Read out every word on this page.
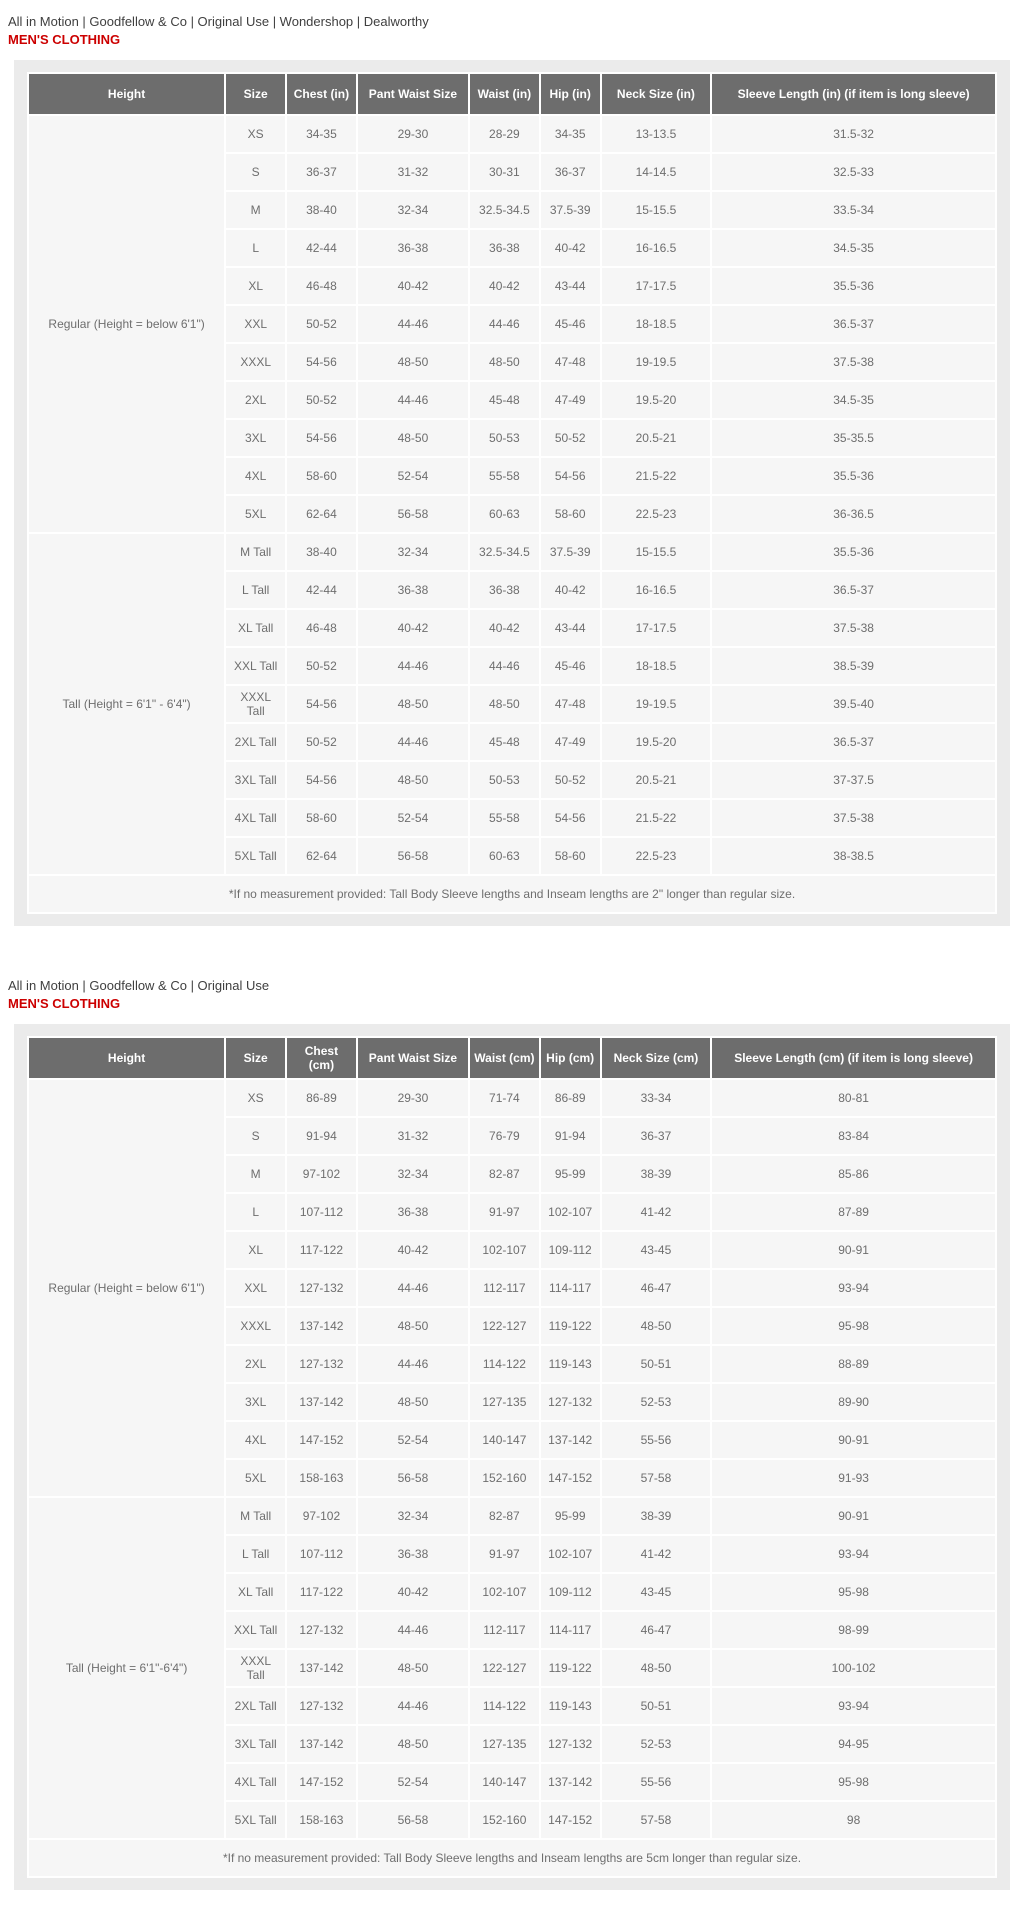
All in Motion | Goodfellow & Co | Original Use | Wondershop | Dealworthy
MEN'S CLOTHING
Height	Size	Chest (in)	Pant Waist Size	Waist (in)	Hip (in)	Neck Size (in)	Sleeve Length (in) (if item is long sleeve)
Regular (Height = below 6'1")	XS	34-35	29-30	28-29	34-35	13-13.5	31.5-32
	S	36-37	31-32	30-31	36-37	14-14.5	32.5-33
	M	38-40	32-34	32.5-34.5	37.5-39	15-15.5	33.5-34
	L	42-44	36-38	36-38	40-42	16-16.5	34.5-35
	XL	46-48	40-42	40-42	43-44	17-17.5	35.5-36
	XXL	50-52	44-46	44-46	45-46	18-18.5	36.5-37
	XXXL	54-56	48-50	48-50	47-48	19-19.5	37.5-38
	2XL	50-52	44-46	45-48	47-49	19.5-20	34.5-35
	3XL	54-56	48-50	50-53	50-52	20.5-21	35-35.5
	4XL	58-60	52-54	55-58	54-56	21.5-22	35.5-36
	5XL	62-64	56-58	60-63	58-60	22.5-23	36-36.5
Tall (Height = 6'1" - 6'4")	M Tall	38-40	32-34	32.5-34.5	37.5-39	15-15.5	35.5-36
	L Tall	42-44	36-38	36-38	40-42	16-16.5	36.5-37
	XL Tall	46-48	40-42	40-42	43-44	17-17.5	37.5-38
	XXL Tall	50-52	44-46	44-46	45-46	18-18.5	38.5-39
	XXXL Tall	54-56	48-50	48-50	47-48	19-19.5	39.5-40
	2XL Tall	50-52	44-46	45-48	47-49	19.5-20	36.5-37
	3XL Tall	54-56	48-50	50-53	50-52	20.5-21	37-37.5
	4XL Tall	58-60	52-54	55-58	54-56	21.5-22	37.5-38
	5XL Tall	62-64	56-58	60-63	58-60	22.5-23	38-38.5
*If no measurement provided: Tall Body Sleeve lengths and Inseam lengths are 2" longer than regular size.							
All in Motion | Goodfellow & Co | Original Use
MEN'S CLOTHING
Height	Size	Chest (cm)	Pant Waist Size	Waist (cm)	Hip (cm)	Neck Size (cm)	Sleeve Length (cm) (if item is long sleeve)
Regular (Height = below 6'1")	XS	86-89	29-30	71-74	86-89	33-34	80-81
	S	91-94	31-32	76-79	91-94	36-37	83-84
	M	97-102	32-34	82-87	95-99	38-39	85-86
	L	107-112	36-38	91-97	102-107	41-42	87-89
	XL	117-122	40-42	102-107	109-112	43-45	90-91
	XXL	127-132	44-46	112-117	114-117	46-47	93-94
	XXXL	137-142	48-50	122-127	119-122	48-50	95-98
	2XL	127-132	44-46	114-122	119-143	50-51	88-89
	3XL	137-142	48-50	127-135	127-132	52-53	89-90
	4XL	147-152	52-54	140-147	137-142	55-56	90-91
	5XL	158-163	56-58	152-160	147-152	57-58	91-93
Tall (Height = 6'1"-6'4")	M Tall	97-102	32-34	82-87	95-99	38-39	90-91
	L Tall	107-112	36-38	91-97	102-107	41-42	93-94
	XL Tall	117-122	40-42	102-107	109-112	43-45	95-98
	XXL Tall	127-132	44-46	112-117	114-117	46-47	98-99
	XXXL Tall	137-142	48-50	122-127	119-122	48-50	100-102
	2XL Tall	127-132	44-46	114-122	119-143	50-51	93-94
	3XL Tall	137-142	48-50	127-135	127-132	52-53	94-95
	4XL Tall	147-152	52-54	140-147	137-142	55-56	95-98
	5XL Tall	158-163	56-58	152-160	147-152	57-58	98
*If no measurement provided: Tall Body Sleeve lengths and Inseam lengths are 5cm longer than regular size.							
